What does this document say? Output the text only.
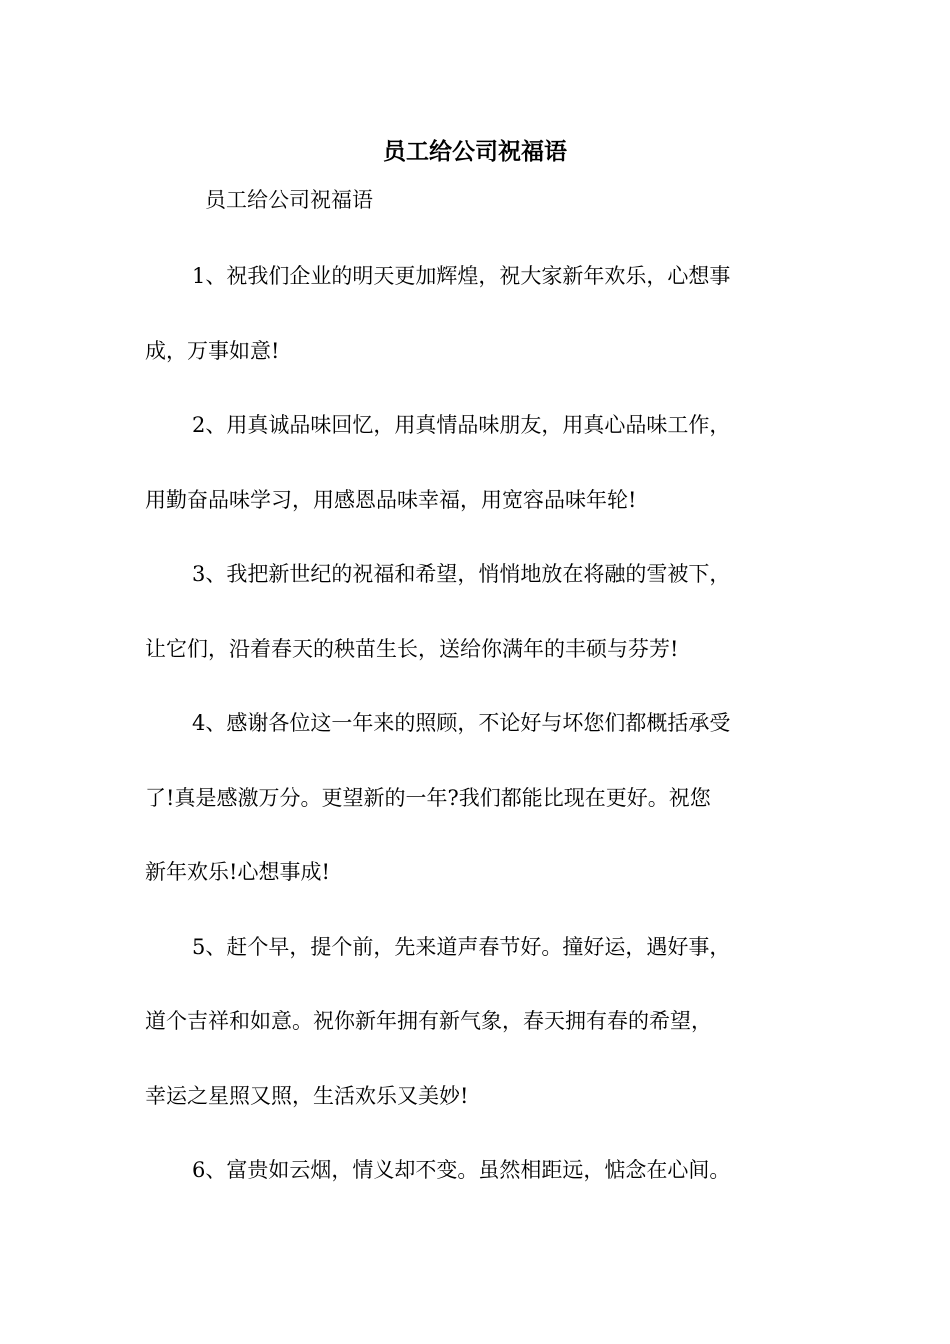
员工给公司祝福语

员工给公司祝福语

1、祝我们企业的明天更加辉煌，祝大家新年欢乐，心想事

成，万事如意!

2、用真诚品味回忆，用真情品味朋友，用真心品味工作，

用勤奋品味学习，用感恩品味幸福，用宽容品味年轮!

3、我把新世纪的祝福和希望，悄悄地放在将融的雪被下，

让它们，沿着春天的秧苗生长，送给你满年的丰硕与芬芳!

4、感谢各位这一年来的照顾，不论好与坏您们都概括承受

了!真是感激万分。更望新的一年?我们都能比现在更好。祝您

新年欢乐!心想事成!

5、赶个早，提个前，先来道声春节好。撞好运，遇好事，

道个吉祥和如意。祝你新年拥有新气象，春天拥有春的希望，

幸运之星照又照，生活欢乐又美妙!

6、富贵如云烟，情义却不变。虽然相距远，惦念在心间。
